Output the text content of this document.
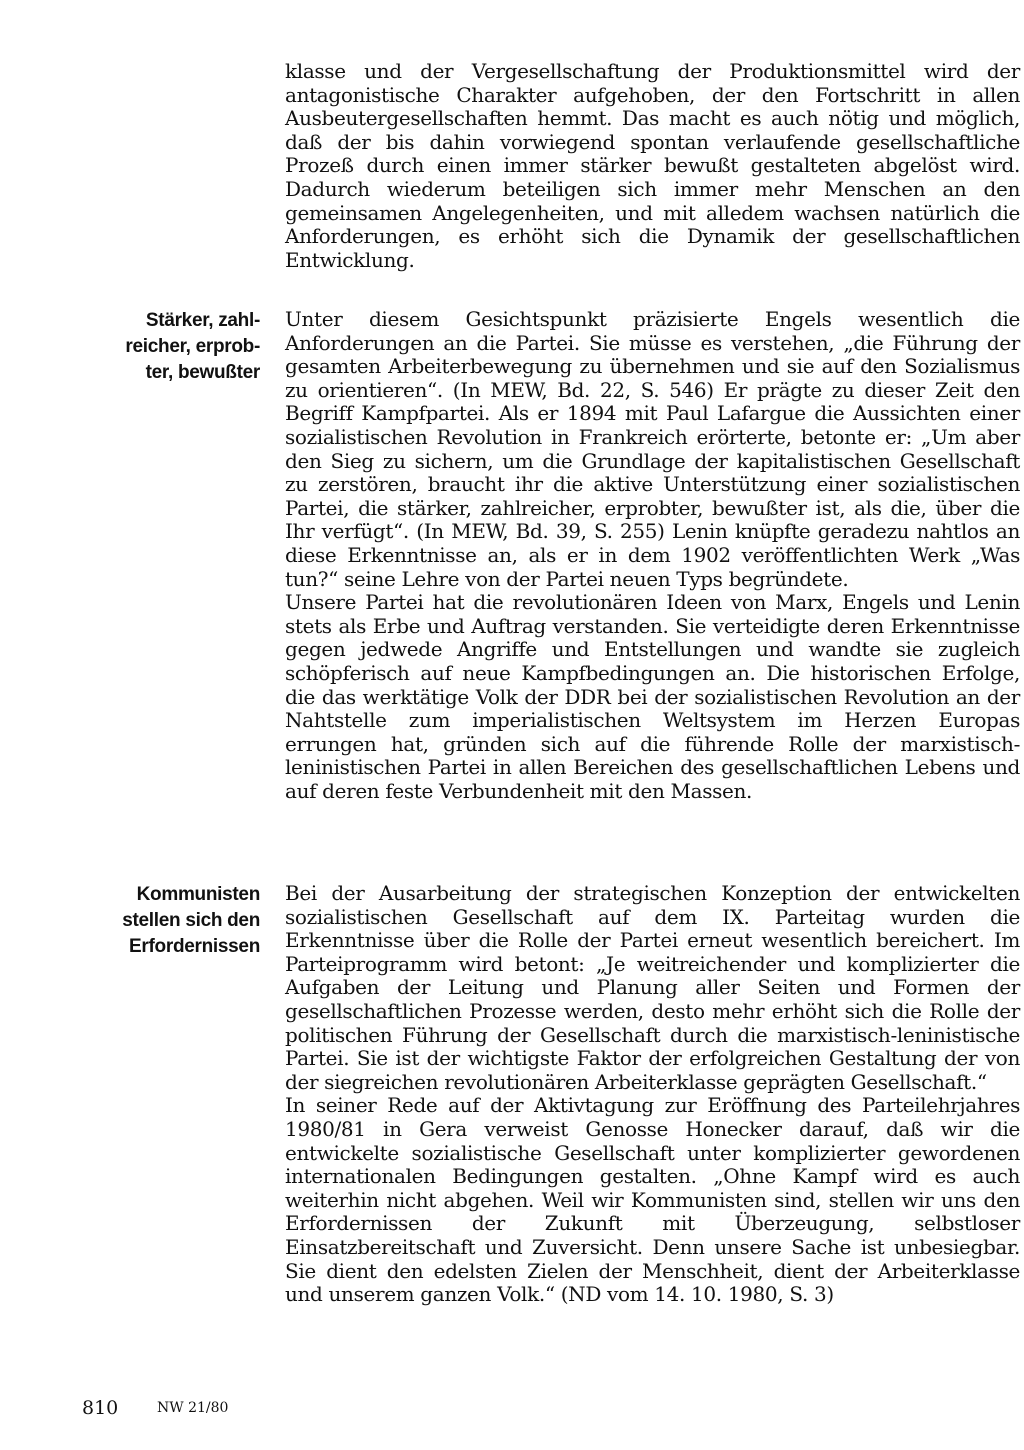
klasse und der Vergesellschaftung der Produktionsmittel wird der antagonistische Charakter aufgehoben, der den Fortschritt in allen Ausbeutergesellschaften hemmt. Das macht es auch nötig und möglich, daß der bis dahin vorwiegend spontan verlaufende gesellschaftliche Prozeß durch einen immer stärker bewußt gestalteten abgelöst wird. Dadurch wiederum beteiligen sich immer mehr Menschen an den gemeinsamen Angelegenheiten, und mit alledem wachsen natürlich die Anforderungen, es erhöht sich die Dynamik der gesellschaftlichen Entwicklung.

Stärker, zahl-
reicher, erprob-
ter, bewußter

Unter diesem Gesichtspunkt präzisierte Engels wesentlich die Anforderungen an die Partei. Sie müsse es verstehen, „die Führung der gesamten Arbeiterbewegung zu übernehmen und sie auf den Sozialismus zu orientieren“. (In MEW, Bd. 22, S. 546) Er prägte zu dieser Zeit den Begriff Kampfpartei. Als er 1894 mit Paul Lafargue die Aussichten einer sozialistischen Revolution in Frankreich erörterte, betonte er: „Um aber den Sieg zu sichern, um die Grundlage der kapitalistischen Gesellschaft zu zerstören, braucht ihr die aktive Unterstützung einer sozialistischen Partei, die stärker, zahlreicher, erprobter, bewußter ist, als die, über die Ihr verfügt“. (In MEW, Bd. 39, S. 255) Lenin knüpfte geradezu nahtlos an diese Erkenntnisse an, als er in dem 1902 veröffentlichten Werk „Was tun?“ seine Lehre von der Partei neuen Typs begründete.

Unsere Partei hat die revolutionären Ideen von Marx, Engels und Lenin stets als Erbe und Auftrag verstanden. Sie verteidigte deren Erkenntnisse gegen jedwede Angriffe und Entstellungen und wandte sie zugleich schöpferisch auf neue Kampfbedingungen an. Die historischen Erfolge, die das werktätige Volk der DDR bei der sozialistischen Revolution an der Nahtstelle zum imperialistischen Weltsystem im Herzen Europas errungen hat, gründen sich auf die führende Rolle der marxistisch-leninistischen Partei in allen Bereichen des gesellschaftlichen Lebens und auf deren feste Verbundenheit mit den Massen.

Kommunisten
stellen sich den
Erfordernissen

Bei der Ausarbeitung der strategischen Konzeption der entwickelten sozialistischen Gesellschaft auf dem IX. Parteitag wurden die Erkenntnisse über die Rolle der Partei erneut wesentlich bereichert. Im Parteiprogramm wird betont: „Je weitreichender und komplizierter die Aufgaben der Leitung und Planung aller Seiten und Formen der gesellschaftlichen Prozesse werden, desto mehr erhöht sich die Rolle der politischen Führung der Gesellschaft durch die marxistisch-leninistische Partei. Sie ist der wichtigste Faktor der erfolgreichen Gestaltung der von der siegreichen revolutionären Arbeiterklasse geprägten Gesellschaft.“

In seiner Rede auf der Aktivtagung zur Eröffnung des Parteilehrjahres 1980/81 in Gera verweist Genosse Honecker darauf, daß wir die entwickelte sozialistische Gesellschaft unter komplizierter gewordenen internationalen Bedingungen gestalten. „Ohne Kampf wird es auch weiterhin nicht abgehen. Weil wir Kommunisten sind, stellen wir uns den Erfordernissen der Zukunft mit Überzeugung, selbstloser Einsatzbereitschaft und Zuversicht. Denn unsere Sache ist unbesiegbar. Sie dient den edelsten Zielen der Menschheit, dient der Arbeiterklasse und unserem ganzen Volk.“ (ND vom 14. 10. 1980, S. 3)

810	NW 21/80
